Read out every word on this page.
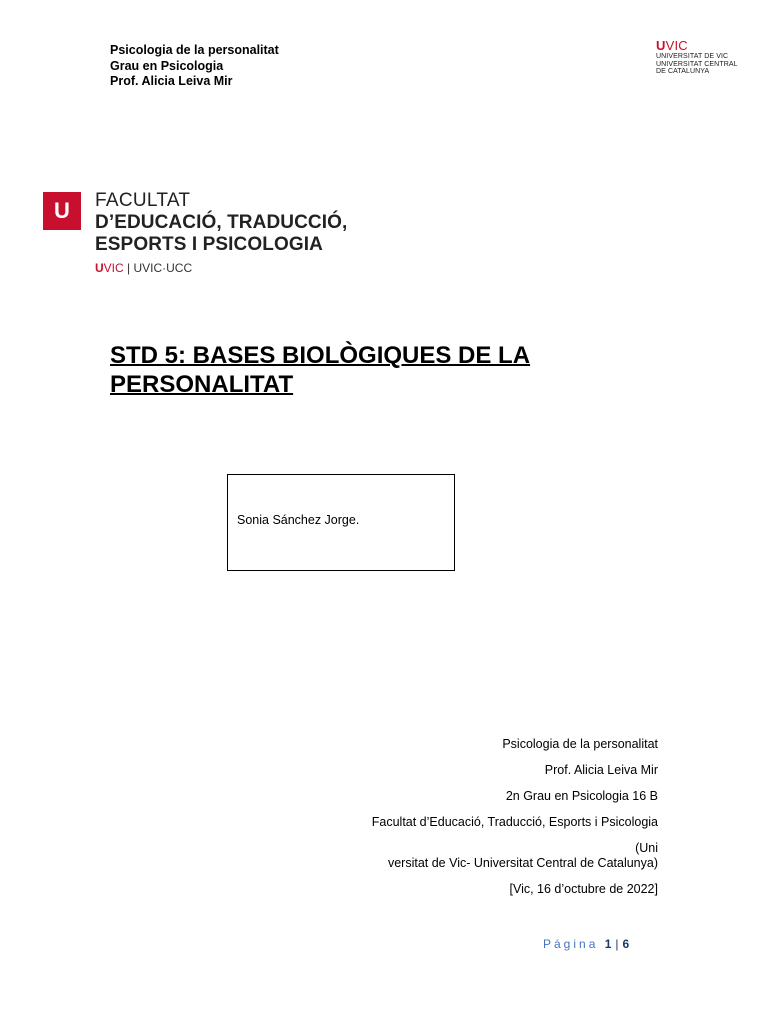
Psicologia de la personalitat
Grau en Psicologia
Prof. Alicia Leiva Mir
UVIC
UNIVERSITAT DE VIC
UNIVERSITAT CENTRAL
DE CATALUNYA
U FACULTAT
D’EDUCACIÓ, TRADUCCIÓ,
ESPORTS I PSICOLOGIA
UVIC | UVIC·UCC
STD 5: BASES BIOLÒGIQUES DE LA PERSONALITAT
Sonia Sánchez Jorge.
Psicologia de la personalitat
Prof. Alicia Leiva Mir
2n Grau en Psicologia 16 B
Facultat d’Educació, Traducció, Esports i Psicologia
(Uni
versitat de Vic- Universitat Central de Catalunya)
[Vic, 16 d’octubre de 2022]
Página 1 | 6
